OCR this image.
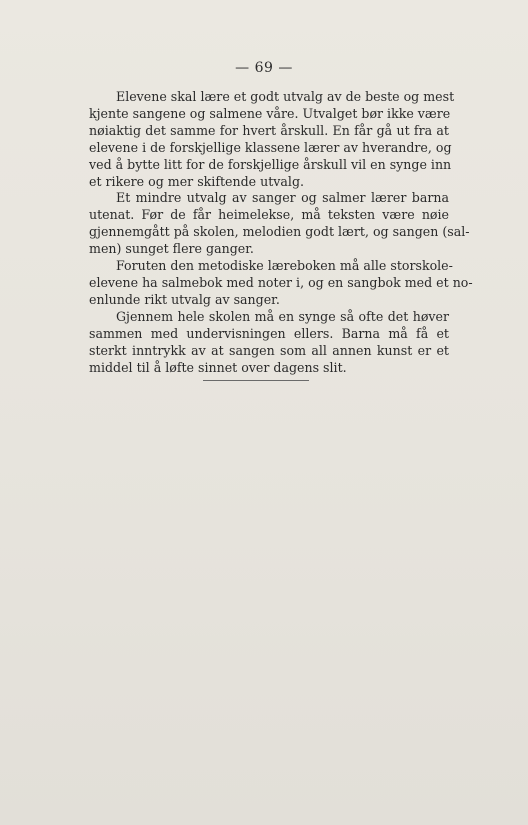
— 69 —
Elevene skal lære et godt utvalg av de beste og mest
kjente sangene og salmene våre. Utvalget bør ikke være
nøiaktig det samme for hvert årskull. En får gå ut fra at
elevene i de forskjellige klassene lærer av hverandre, og
ved å bytte litt for de forskjellige årskull vil en synge inn
et rikere og mer skiftende utvalg.
Et mindre utvalg av sanger og salmer lærer barna
utenat. Før de får heimelekse, må teksten være nøie
gjennemgått på skolen, melodien godt lært, og sangen (sal-
men) sunget flere ganger.
Foruten den metodiske læreboken må alle storskole-
elevene ha salmebok med noter i, og en sangbok med et no-
enlunde rikt utvalg av sanger.
Gjennem hele skolen må en synge så ofte det høver
sammen med undervisningen ellers. Barna må få et
sterkt inntrykk av at sangen som all annen kunst er et
middel til å løfte sinnet over dagens slit.
